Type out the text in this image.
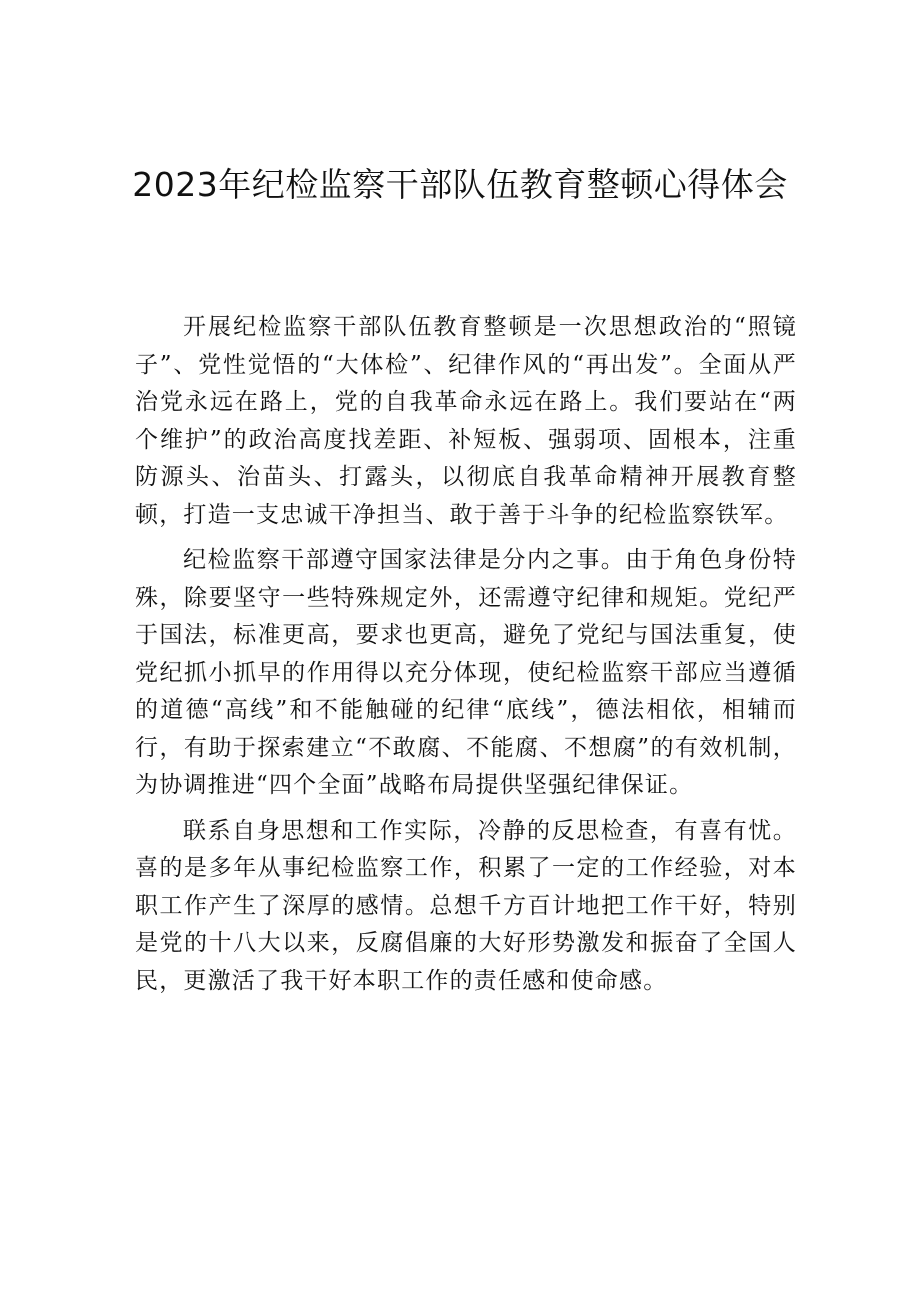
2023年纪检监察干部队伍教育整顿心得体会

开展纪检监察干部队伍教育整顿是一次思想政治的“照镜子”、党性觉悟的“大体检”、纪律作风的“再出发”。全面从严治党永远在路上，党的自我革命永远在路上。我们要站在“两个维护”的政治高度找差距、补短板、强弱项、固根本，注重防源头、治苗头、打露头，以彻底自我革命精神开展教育整顿，打造一支忠诚干净担当、敢于善于斗争的纪检监察铁军。

纪检监察干部遵守国家法律是分内之事。由于角色身份特殊，除要坚守一些特殊规定外，还需遵守纪律和规矩。党纪严于国法，标准更高，要求也更高，避免了党纪与国法重复，使党纪抓小抓早的作用得以充分体现，使纪检监察干部应当遵循的道德“高线”和不能触碰的纪律“底线”，德法相依，相辅而行，有助于探索建立“不敢腐、不能腐、不想腐”的有效机制，为协调推进“四个全面”战略布局提供坚强纪律保证。

联系自身思想和工作实际，冷静的反思检查，有喜有忧。喜的是多年从事纪检监察工作，积累了一定的工作经验，对本职工作产生了深厚的感情。总想千方百计地把工作干好，特别是党的十八大以来，反腐倡廉的大好形势激发和振奋了全国人民，更激活了我干好本职工作的责任感和使命感。
